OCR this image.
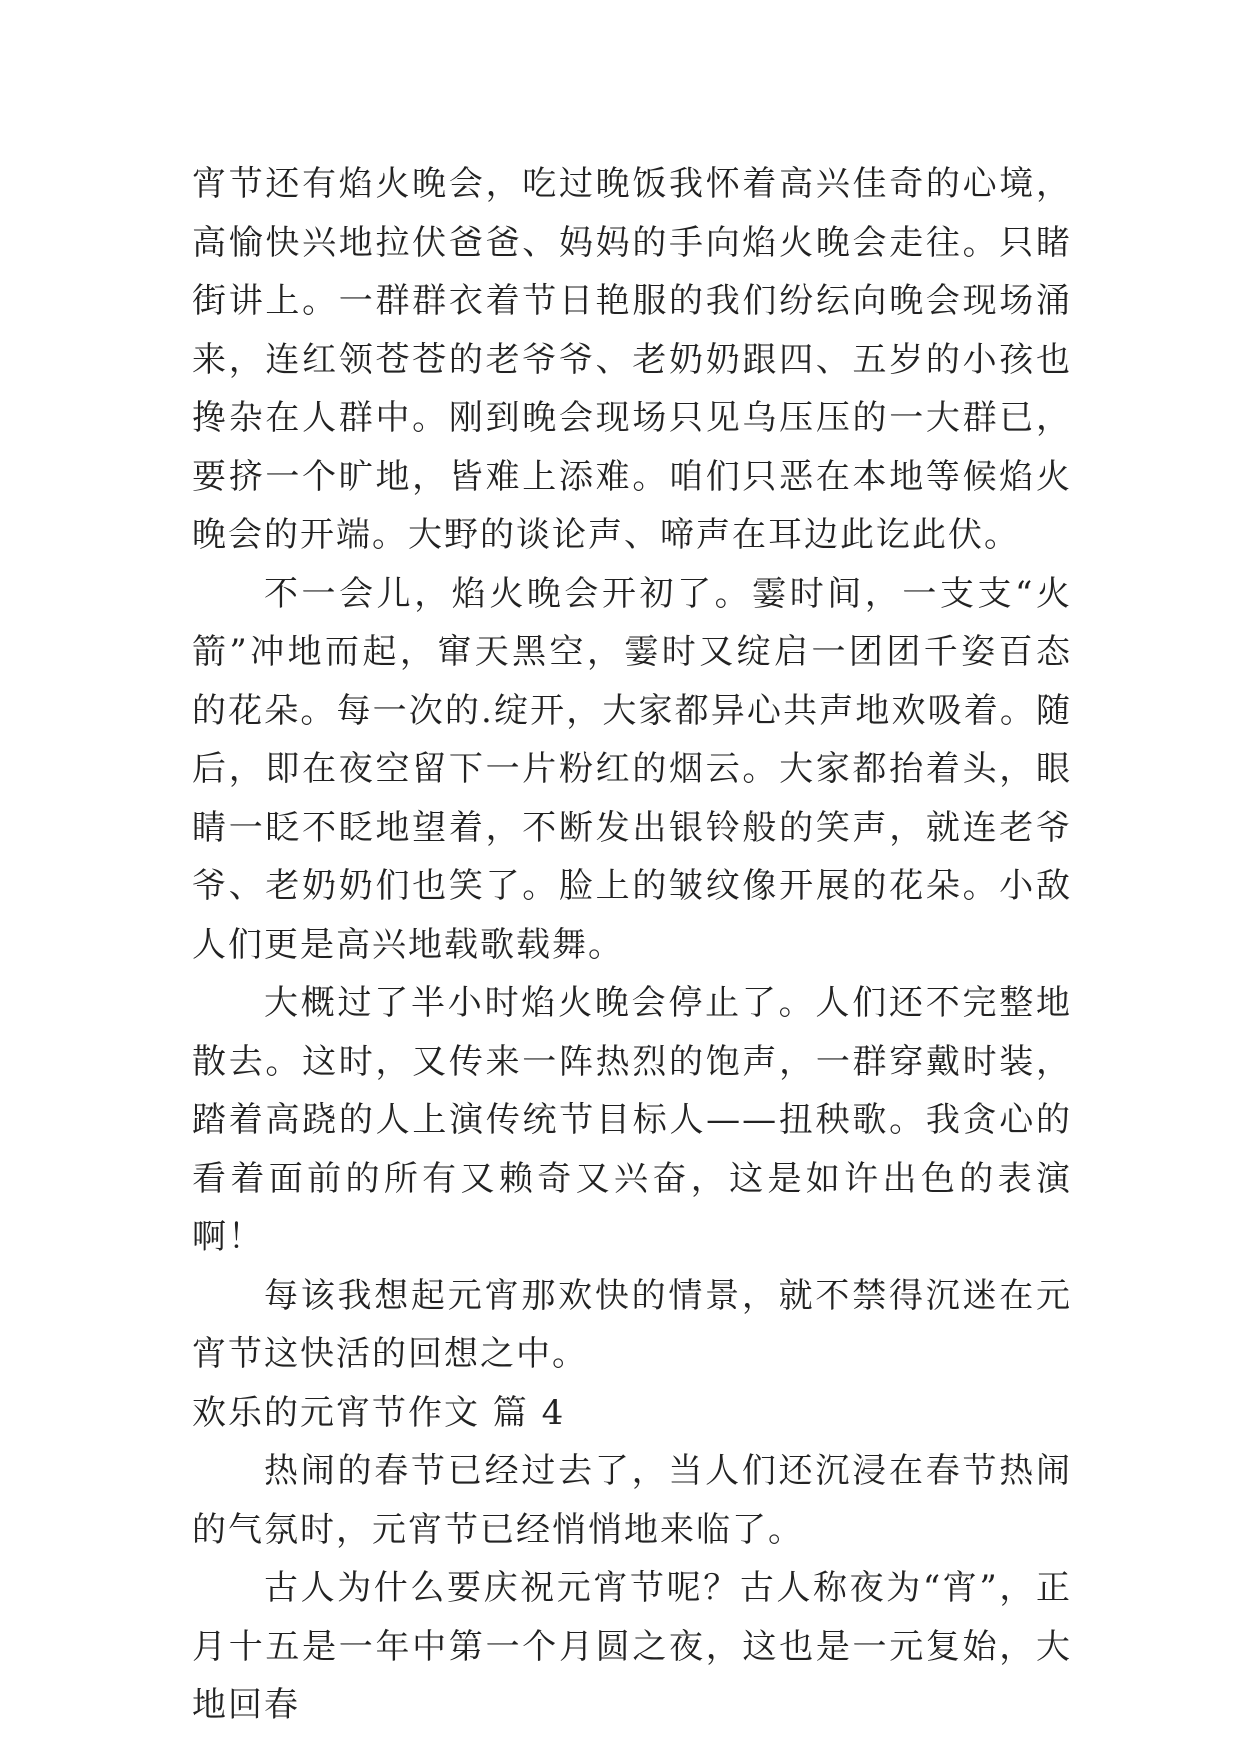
宵节还有焰火晚会，吃过晚饭我怀着高兴佳奇的心境，高愉快兴地拉伏爸爸、妈妈的手向焰火晚会走往。只睹街讲上。一群群衣着节日艳服的我们纷纭向晚会现场涌来，连红领苍苍的老爷爷、老奶奶跟四、五岁的小孩也搀杂在人群中。刚到晚会现场只见乌压压的一大群已，要挤一个旷地，皆难上添难。咱们只恶在本地等候焰火晚会的开端。大野的谈论声、啼声在耳边此讫此伏。

不一会儿，焰火晚会开初了。霎时间，一支支“火箭”冲地而起，窜天黑空，霎时又绽启一团团千姿百态的花朵。每一次的.绽开，大家都异心共声地欢吸着。随后，即在夜空留下一片粉红的烟云。大家都抬着头，眼睛一眨不眨地望着，不断发出银铃般的笑声，就连老爷爷、老奶奶们也笑了。脸上的皱纹像开展的花朵。小敌人们更是高兴地载歌载舞。

大概过了半小时焰火晚会停止了。人们还不完整地散去。这时，又传来一阵热烈的饱声，一群穿戴时装，踏着高跷的人上演传统节目标人——扭秧歌。我贪心的看着面前的所有又赖奇又兴奋，这是如许出色的表演啊！

每该我想起元宵那欢快的情景，就不禁得沉迷在元宵节这快活的回想之中。

欢乐的元宵节作文 篇 4

热闹的春节已经过去了，当人们还沉浸在春节热闹的气氛时，元宵节已经悄悄地来临了。

古人为什么要庆祝元宵节呢？古人称夜为“宵”，正月十五是一年中第一个月圆之夜，这也是一元复始，大地回春
